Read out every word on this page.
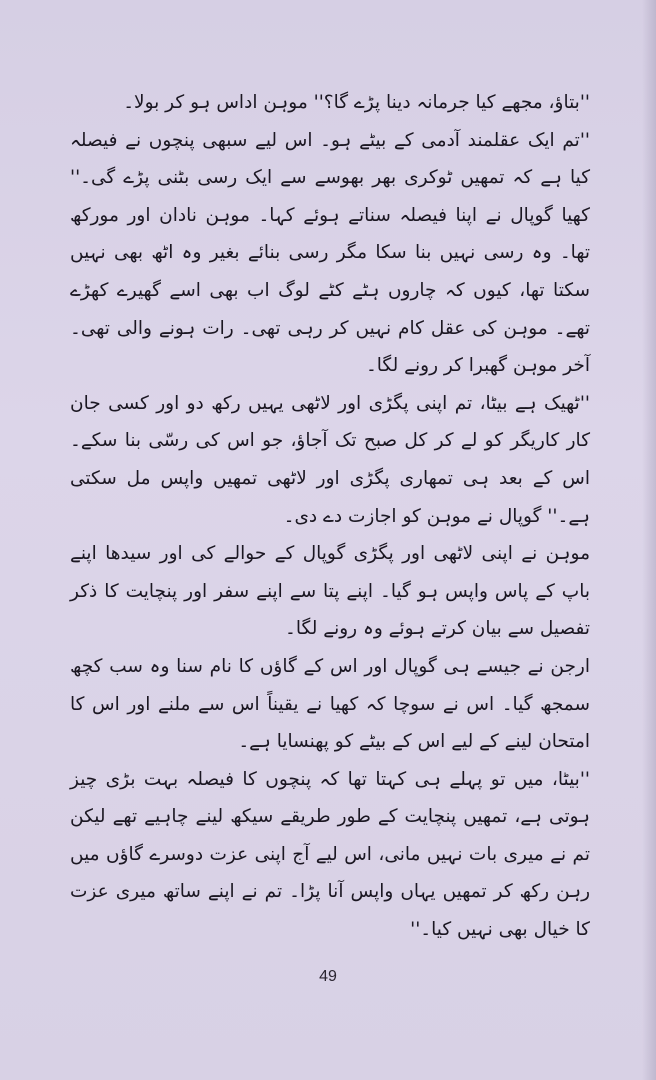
''بتاؤ، مجھے کیا جرمانہ دینا پڑے گا؟'' موہن اداس ہو کر بولا۔

''تم ایک عقلمند آدمی کے بیٹے ہو۔ اس لیے سبھی پنچوں نے فیصلہ کیا ہے کہ تمھیں ٹوکری بھر بھوسے سے ایک رسی بٹنی پڑے گی۔'' کھیا گوپال نے اپنا فیصلہ سناتے ہوئے کہا۔ موہن نادان اور مورکھ تھا۔ وہ رسی نہیں بنا سکا مگر رسی بنائے بغیر وہ اٹھ بھی نہیں سکتا تھا، کیوں کہ چاروں ہٹے کٹے لوگ اب بھی اسے گھیرے کھڑے تھے۔ موہن کی عقل کام نہیں کر رہی تھی۔ رات ہونے والی تھی۔ آخر موہن گھبرا کر رونے لگا۔

''ٹھیک ہے بیٹا، تم اپنی پگڑی اور لاٹھی یہیں رکھ دو اور کسی جان کار کاریگر کو لے کر کل صبح تک آجاؤ، جو اس کی رسّی بنا سکے۔ اس کے بعد ہی تمھاری پگڑی اور لاٹھی تمھیں واپس مل سکتی ہے۔'' گوپال نے موہن کو اجازت دے دی۔

موہن نے اپنی لاٹھی اور پگڑی گوپال کے حوالے کی اور سیدھا اپنے باپ کے پاس واپس ہو گیا۔ اپنے پتا سے اپنے سفر اور پنچایت کا ذکر تفصیل سے بیان کرتے ہوئے وہ رونے لگا۔

ارجن نے جیسے ہی گوپال اور اس کے گاؤں کا نام سنا وہ سب کچھ سمجھ گیا۔ اس نے سوچا کہ کھیا نے یقیناً اس سے ملنے اور اس کا امتحان لینے کے لیے اس کے بیٹے کو پھنسایا ہے۔

''بیٹا، میں تو پہلے ہی کہتا تھا کہ پنچوں کا فیصلہ بہت بڑی چیز ہوتی ہے، تمھیں پنچایت کے طور طریقے سیکھ لینے چاہیے تھے لیکن تم نے میری بات نہیں مانی، اس لیے آج اپنی عزت دوسرے گاؤں میں رہن رکھ کر تمھیں یہاں واپس آنا پڑا۔ تم نے اپنے ساتھ میری عزت کا خیال بھی نہیں کیا۔''

49
